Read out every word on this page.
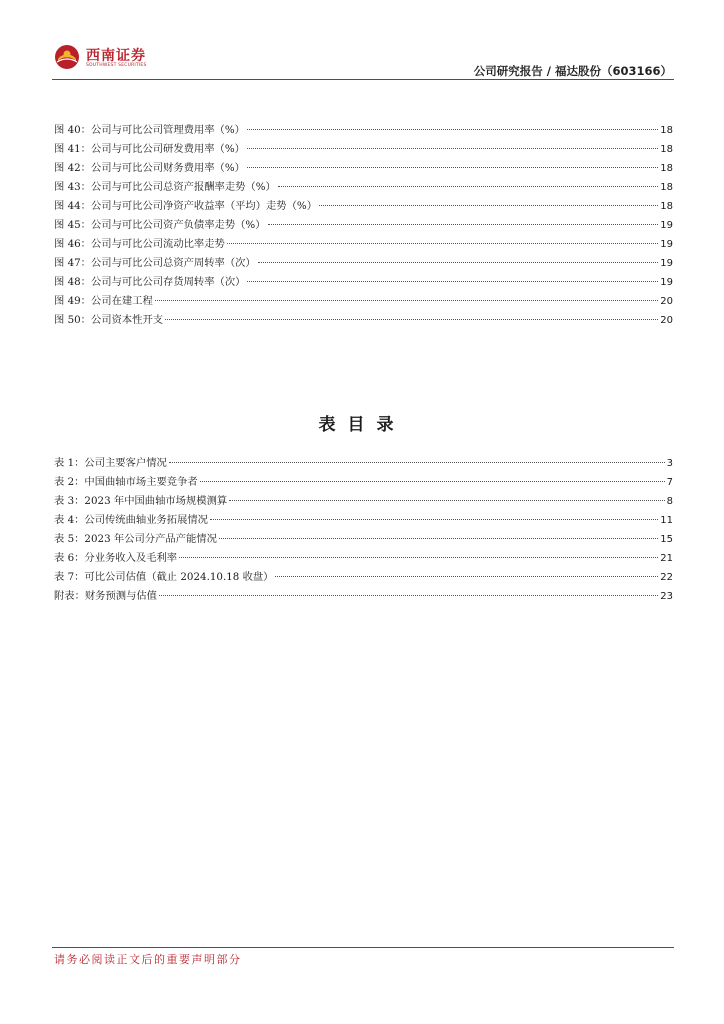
西南证券
SOUTHWEST SECURITIES	公司研究报告 / 福达股份（603166）
图 40：公司与可比公司管理费用率（%）	18
图 41：公司与可比公司研发费用率（%）	18
图 42：公司与可比公司财务费用率（%）	18
图 43：公司与可比公司总资产报酬率走势（%）	18
图 44：公司与可比公司净资产收益率（平均）走势（%）	18
图 45：公司与可比公司资产负债率走势（%）	19
图 46：公司与可比公司流动比率走势	19
图 47：公司与可比公司总资产周转率（次）	19
图 48：公司与可比公司存货周转率（次）	19
图 49：公司在建工程	20
图 50：公司资本性开支	20
表目录
表 1：公司主要客户情况	3
表 2：中国曲轴市场主要竞争者	7
表 3：2023 年中国曲轴市场规模测算	8
表 4：公司传统曲轴业务拓展情况	11
表 5：2023 年公司分产品产能情况	15
表 6：分业务收入及毛利率	21
表 7：可比公司估值（截止 2024.10.18 收盘）	22
附表：财务预测与估值	23
请务必阅读正文后的重要声明部分
